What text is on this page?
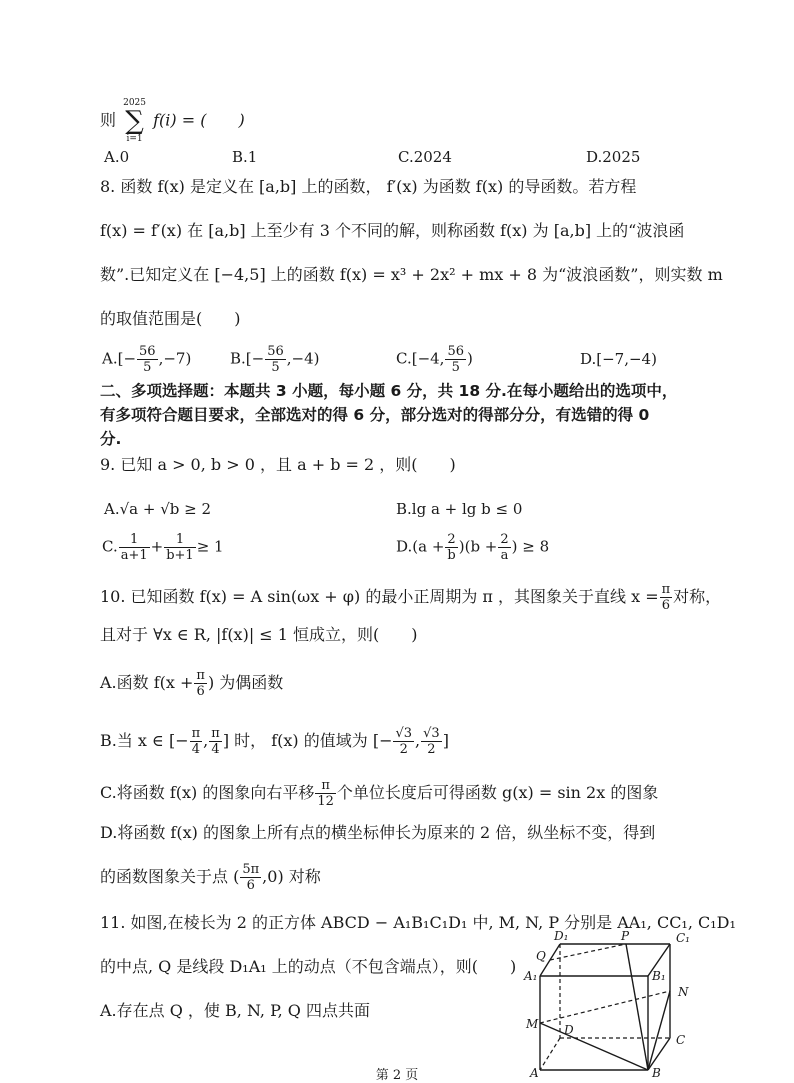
则
2025
∑
i=1
f(i) = (　　)
A.0	B.1	C.2024	D.2025
8. 函数 f(x) 是定义在 [a,b] 上的函数， f′(x) 为函数 f(x) 的导函数。若方程
f(x) = f′(x) 在 [a,b] 上至少有 3 个不同的解，则称函数 f(x) 为 [a,b] 上的“波浪函
数”.已知定义在 [−4,5] 上的函数 f(x) = x³ + 2x² + mx + 8 为“波浪函数”，则实数 m
的取值范围是(　　)
$A.[- \frac{56}{5} ,-7)$	$B.[- \frac{56}{5} ,-4)$	C.[−4, $\frac{56}{5}$ )	D.[−7,−4)
二、多项选择题：本题共 3 小题，每小题 6 分，共 18 分.在每小题给出的选项中，
有多项符合题目要求，全部选对的得 6 分，部分选对的得部分分，有选错的得 0
分.
9. 已知 a > 0, b > 0 ，且 a + b = 2 ，则(　　)
A.√a + √b ≥ 2	B.lg a + lg b ≤ 0
C. $\frac{1}{a+1} + \frac{1}{b+1} \ge 1$	$D.(a + \frac{2}{b} )(b + \frac{2}{a}$ ) ≥ 8
10. 已知函数 f(x) = A sin(ωx + φ) 的最小正周期为 π ，其图象关于直线 $x = \frac{\pi}{6}$ 对称，
且对于 ∀x ∈ R, |f(x)| ≤ 1 恒成立，则(　　)
A.函数 $f(x + \frac{\pi}{6}$ ) 为偶函数
B.当 x ∈ [− $\frac{\pi}{4}$ , $\frac{\pi}{4}$ ] 时， f(x) 的值域为 [− $\frac{√3}{2}$ , $\frac{√3}{2}$ ]
C.将函数 f(x) 的图象向右平移 $\frac{\pi}{12}$ 个单位长度后可得函数 g(x) = sin 2x 的图象
D.将函数 f(x) 的图象上所有点的横坐标伸长为原来的 2 倍，纵坐标不变，得到
的函数图象关于点 ( $\frac{5\pi}{6} ,0$) 对称
11. 如图,在棱长为 2 的正方体 ABCD − A₁B₁C₁D₁ 中, M, N, P 分别是 AA₁, CC₁, C₁D₁
的中点, Q 是线段 D₁A₁ 上的动点（不包含端点），则(　　)
A.存在点 Q ，使 B, N, P, Q 四点共面
D₁	P	C₁
Q
A₁	B₁
N
M D
C
A	B
第 2 页
